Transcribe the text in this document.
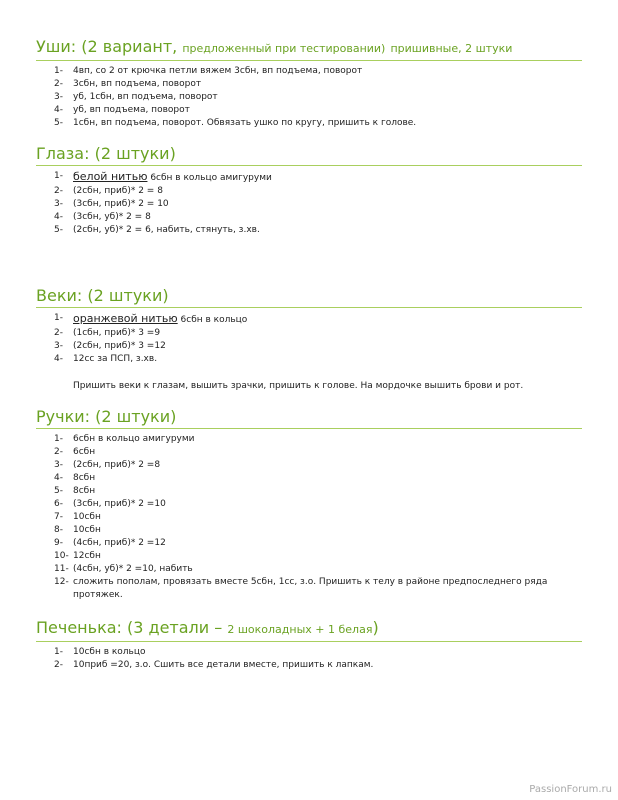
Уши: (2 вариант, предложенный при тестировании) пришивные, 2 штуки
1- 4вп, со 2 от крючка петли вяжем 3сбн, вп подъема, поворот
2- 3сбн, вп подъема, поворот
3- уб, 1сбн, вп подъема, поворот
4- уб, вп подъема, поворот
5- 1сбн, вп подъема, поворот. Обвязать ушко по кругу, пришить к голове.
Глаза: (2 штуки)
1- белой нитью 6сбн в кольцо амигуруми
2- (2сбн, приб)* 2 = 8
3- (3сбн, приб)* 2 = 10
4- (3сбн, уб)* 2 = 8
5- (2сбн, уб)* 2 = 6, набить, стянуть, з.хв.
Веки: (2 штуки)
1- оранжевой нитью 6сбн в кольцо
2- (1сбн, приб)* 3 =9
3- (2сбн, приб)* 3 =12
4- 12сс за ПСП, з.хв.
Пришить веки к глазам, вышить зрачки, пришить к голове. На мордочке вышить брови и рот.
Ручки: (2 штуки)
1- 6сбн в кольцо амигуруми
2- 6сбн
3- (2сбн, приб)* 2 =8
4- 8сбн
5- 8сбн
6- (3сбн, приб)* 2 =10
7- 10сбн
8- 10сбн
9- (4сбн, приб)* 2 =12
10- 12сбн
11- (4сбн, уб)* 2 =10, набить
12- сложить пополам, провязать вместе 5сбн, 1сс, з.о. Пришить к телу в районе предпоследнего ряда протяжек.
Печенька: (3 детали – 2 шоколадных + 1 белая)
1- 10сбн в кольцо
2- 10приб =20, з.о. Сшить все детали вместе, пришить к лапкам.
PassionForum.ru
